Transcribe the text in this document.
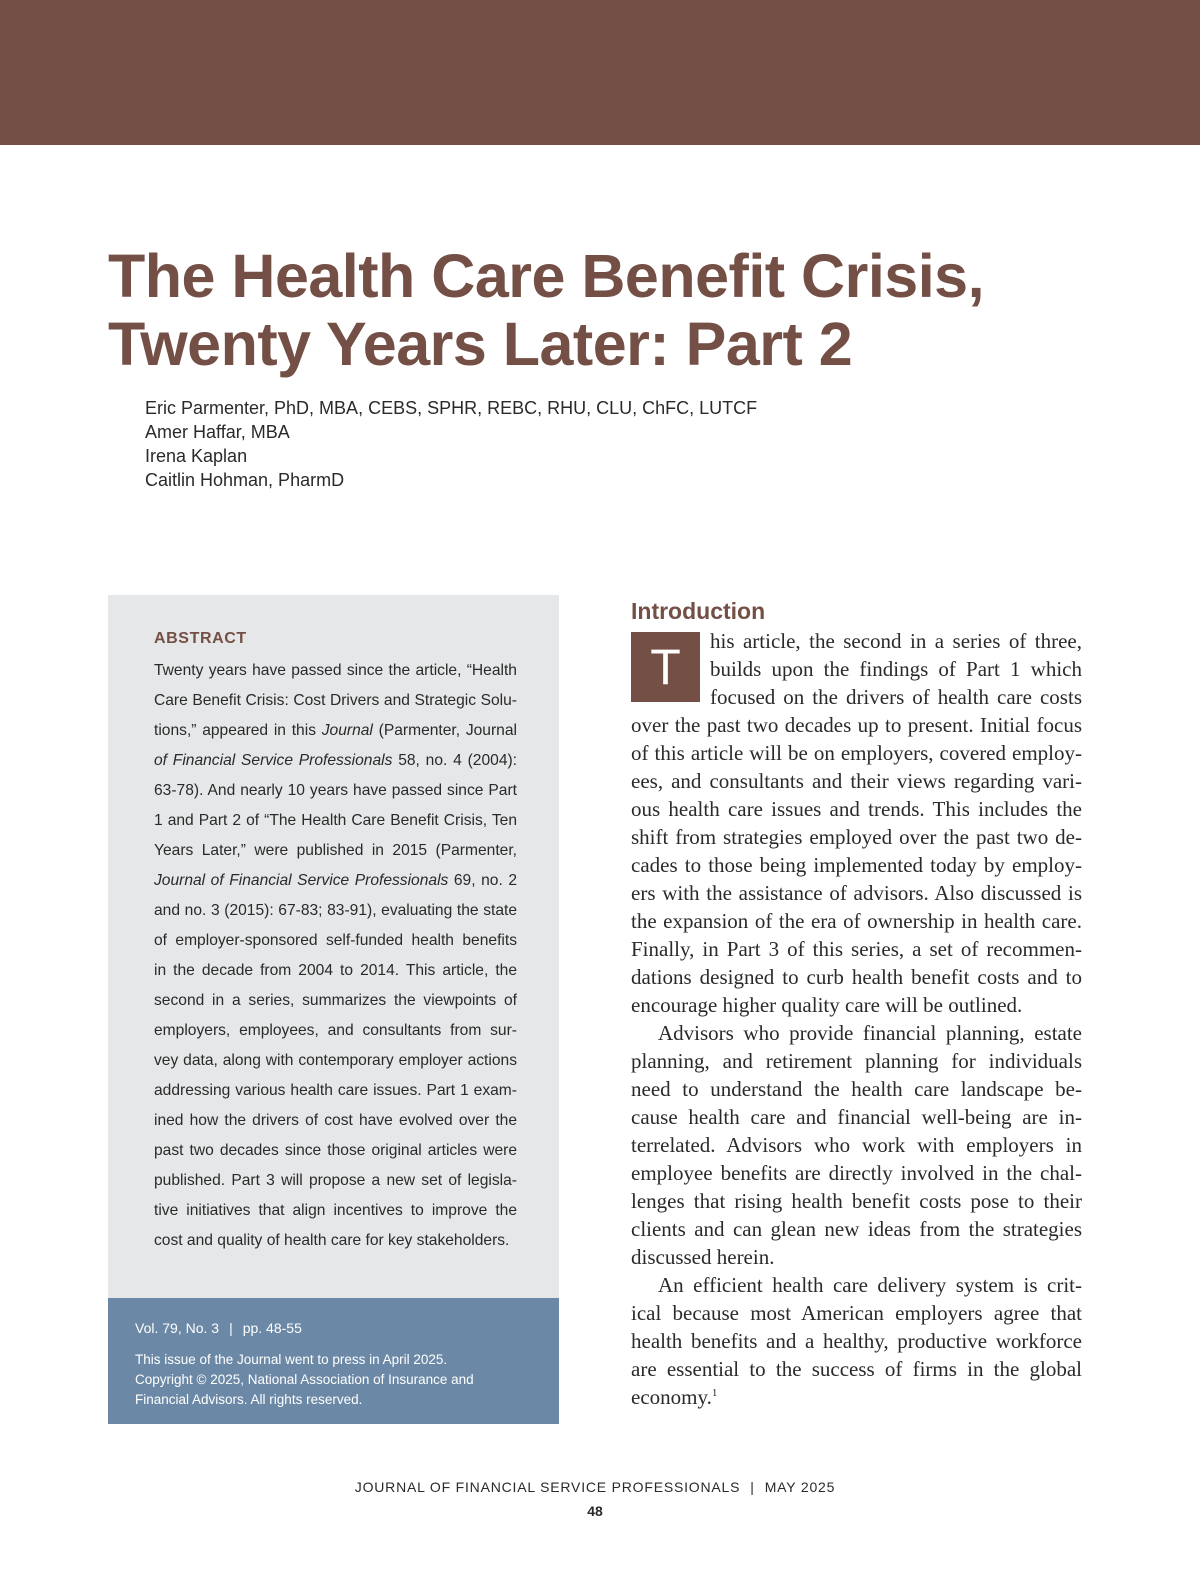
The Health Care Benefit Crisis,
Twenty Years Later: Part 2
Eric Parmenter, PhD, MBA, CEBS, SPHR, REBC, RHU, CLU, ChFC, LUTCF
Amer Haffar, MBA
Irena Kaplan
Caitlin Hohman, PharmD
ABSTRACT
Twenty years have passed since the article, “Health
Care Benefit Crisis: Cost Drivers and Strategic Solu-
tions,” appeared in this Journal (Parmenter, Journal
of Financial Service Professionals 58, no. 4 (2004):
63-78). And nearly 10 years have passed since Part
1 and Part 2 of “The Health Care Benefit Crisis, Ten
Years Later,” were published in 2015 (Parmenter,
Journal of Financial Service Professionals 69, no. 2
and no. 3 (2015): 67-83; 83-91), evaluating the state
of employer-sponsored self-funded health benefits
in the decade from 2004 to 2014. This article, the
second in a series, summarizes the viewpoints of
employers, employees, and consultants from sur-
vey data, along with contemporary employer actions
addressing various health care issues. Part 1 exam-
ined how the drivers of cost have evolved over the
past two decades since those original articles were
published. Part 3 will propose a new set of legisla-
tive initiatives that align incentives to improve the
cost and quality of health care for key stakeholders.
Vol. 79, No. 3 | pp. 48-55
This issue of the Journal went to press in April 2025.
Copyright © 2025, National Association of Insurance and
Financial Advisors. All rights reserved.
Introduction
T	his article, the second in a series of three,
builds upon the findings of Part 1 which
focused on the drivers of health care costs
over the past two decades up to present. Initial focus
of this article will be on employers, covered employ-
ees, and consultants and their views regarding vari-
ous health care issues and trends. This includes the
shift from strategies employed over the past two de-
cades to those being implemented today by employ-
ers with the assistance of advisors. Also discussed is
the expansion of the era of ownership in health care.
Finally, in Part 3 of this series, a set of recommen-
dations designed to curb health benefit costs and to
encourage higher quality care will be outlined.
Advisors who provide financial planning, estate
planning, and retirement planning for individuals
need to understand the health care landscape be-
cause health care and financial well-being are in-
terrelated. Advisors who work with employers in
employee benefits are directly involved in the chal-
lenges that rising health benefit costs pose to their
clients and can glean new ideas from the strategies
discussed herein.
An efficient health care delivery system is crit-
ical because most American employers agree that
health benefits and a healthy, productive workforce
are essential to the success of firms in the global
economy.$^1$
JOURNAL OF FINANCIAL SERVICE PROFESSIONALS | MAY 2025
48
